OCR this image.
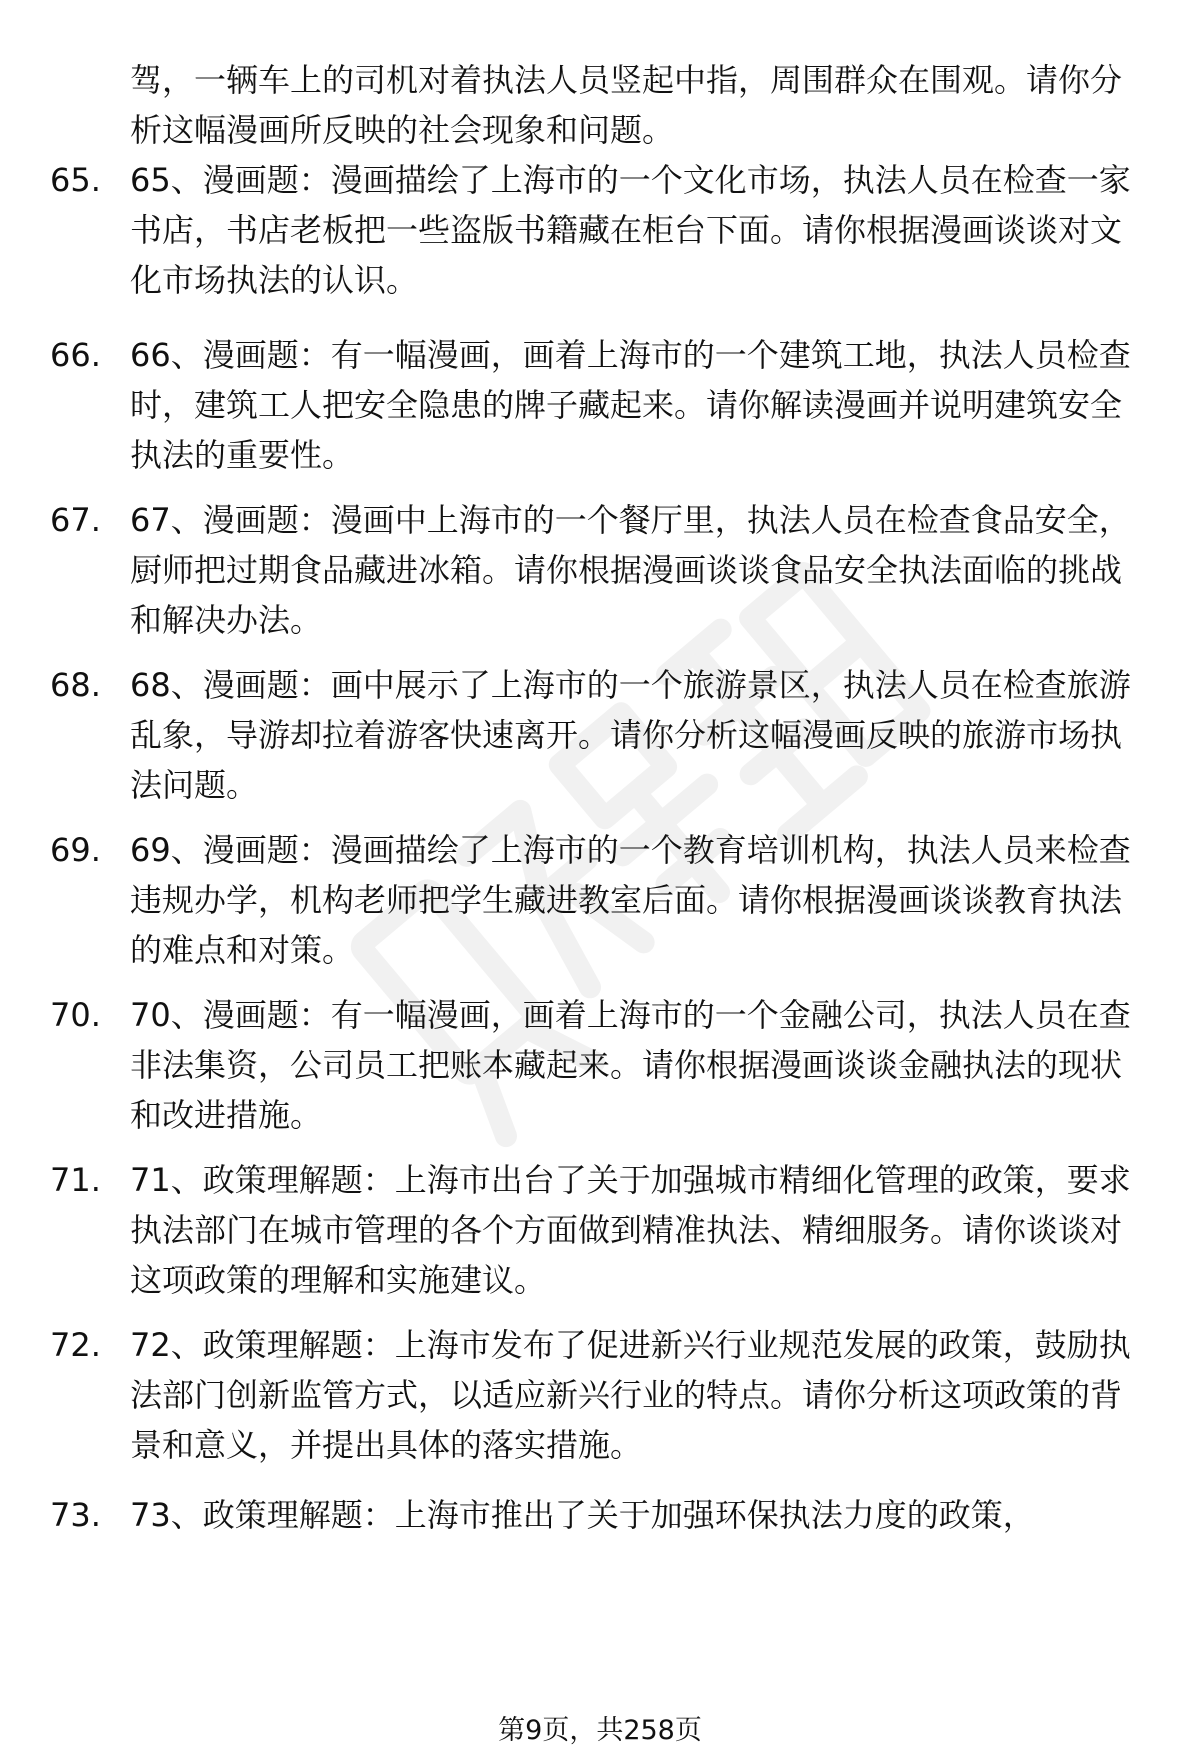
驾，一辆车上的司机对着执法人员竖起中指，周围群众在围观。请你分析这幅漫画所反映的社会现象和问题。
65. 65、漫画题：漫画描绘了上海市的一个文化市场，执法人员在检查一家书店，书店老板把一些盗版书籍藏在柜台下面。请你根据漫画谈谈对文化市场执法的认识。
66. 66、漫画题：有一幅漫画，画着上海市的一个建筑工地，执法人员检查时，建筑工人把安全隐患的牌子藏起来。请你解读漫画并说明建筑安全执法的重要性。
67. 67、漫画题：漫画中上海市的一个餐厅里，执法人员在检查食品安全，厨师把过期食品藏进冰箱。请你根据漫画谈谈食品安全执法面临的挑战和解决办法。
68. 68、漫画题：画中展示了上海市的一个旅游景区，执法人员在检查旅游乱象，导游却拉着游客快速离开。请你分析这幅漫画反映的旅游市场执法问题。
69. 69、漫画题：漫画描绘了上海市的一个教育培训机构，执法人员来检查违规办学，机构老师把学生藏进教室后面。请你根据漫画谈谈教育执法的难点和对策。
70. 70、漫画题：有一幅漫画，画着上海市的一个金融公司，执法人员在查非法集资，公司员工把账本藏起来。请你根据漫画谈谈金融执法的现状和改进措施。
71. 71、政策理解题：上海市出台了关于加强城市精细化管理的政策，要求执法部门在城市管理的各个方面做到精准执法、精细服务。请你谈谈对这项政策的理解和实施建议。
72. 72、政策理解题：上海市发布了促进新兴行业规范发展的政策，鼓励执法部门创新监管方式，以适应新兴行业的特点。请你分析这项政策的背景和意义，并提出具体的落实措施。
73. 73、政策理解题：上海市推出了关于加强环保执法力度的政策，
第9页，共258页
